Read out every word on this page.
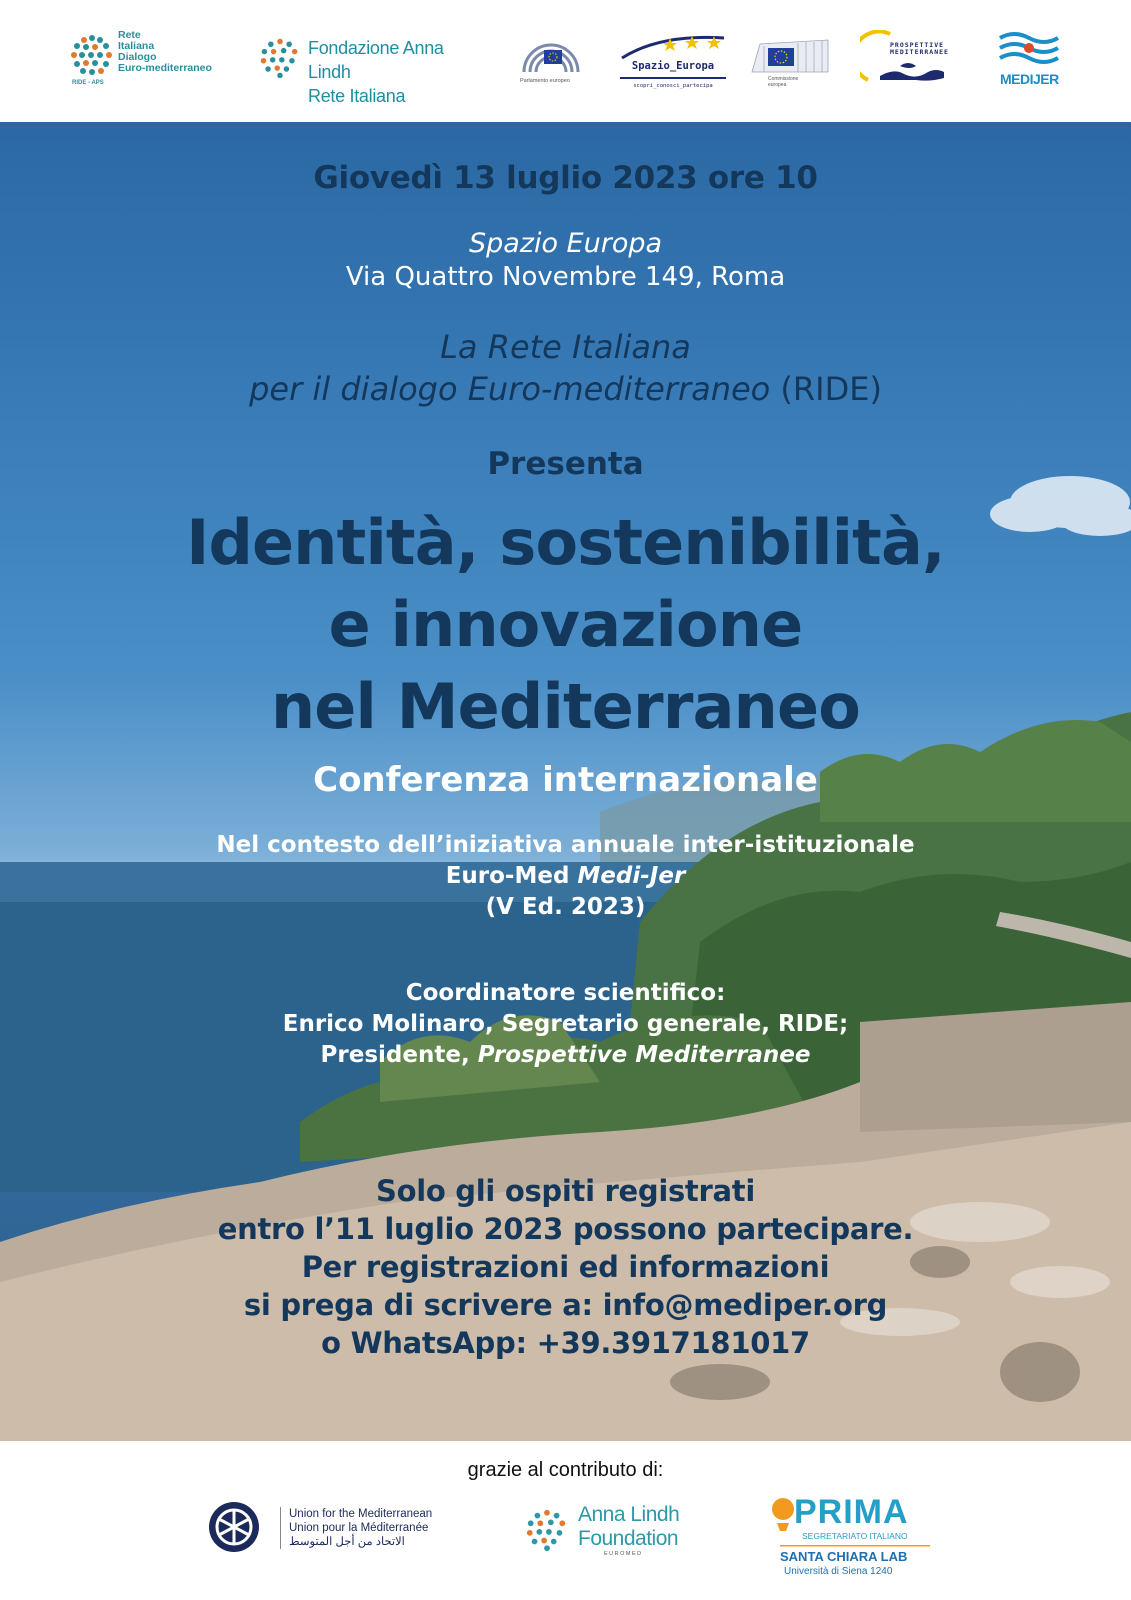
Rete
Italiana
Dialogo
Euro-mediterraneo
RIDE - APS
Fondazione Anna Lindh
Rete Italiana
Parlamento europeo
Spazio_Europa
scopri_conosci_partecipa
Commissione
europea
PROSPETTIVE
MEDITERRANEE
MEDIJER
Giovedì 13 luglio 2023 ore 10
Spazio Europa
Via Quattro Novembre 149, Roma
La Rete Italiana
per il dialogo Euro-mediterraneo (RIDE)
Presenta
Identità, sostenibilità,
e innovazione
nel Mediterraneo
Conferenza internazionale
Nel contesto dell’iniziativa annuale inter-istituzionale
Euro-Med Medi-Jer
(V Ed. 2023)
Coordinatore scientifico:
Enrico Molinaro, Segretario generale, RIDE;
Presidente, Prospettive Mediterranee
Solo gli ospiti registrati
entro l’11 luglio 2023 possono partecipare.
Per registrazioni ed informazioni
si prega di scrivere a: info@mediper.org
o WhatsApp: +39.3917181017
grazie al contributo di:
Union for the Mediterranean
Union pour la Méditerranée
الاتحاد من أجل المتوسط
Anna Lindh
Foundation
EUROMED
PRIMA
SEGRETARIATO ITALIANO
SANTA CHIARA LAB
Università di Siena 1240
